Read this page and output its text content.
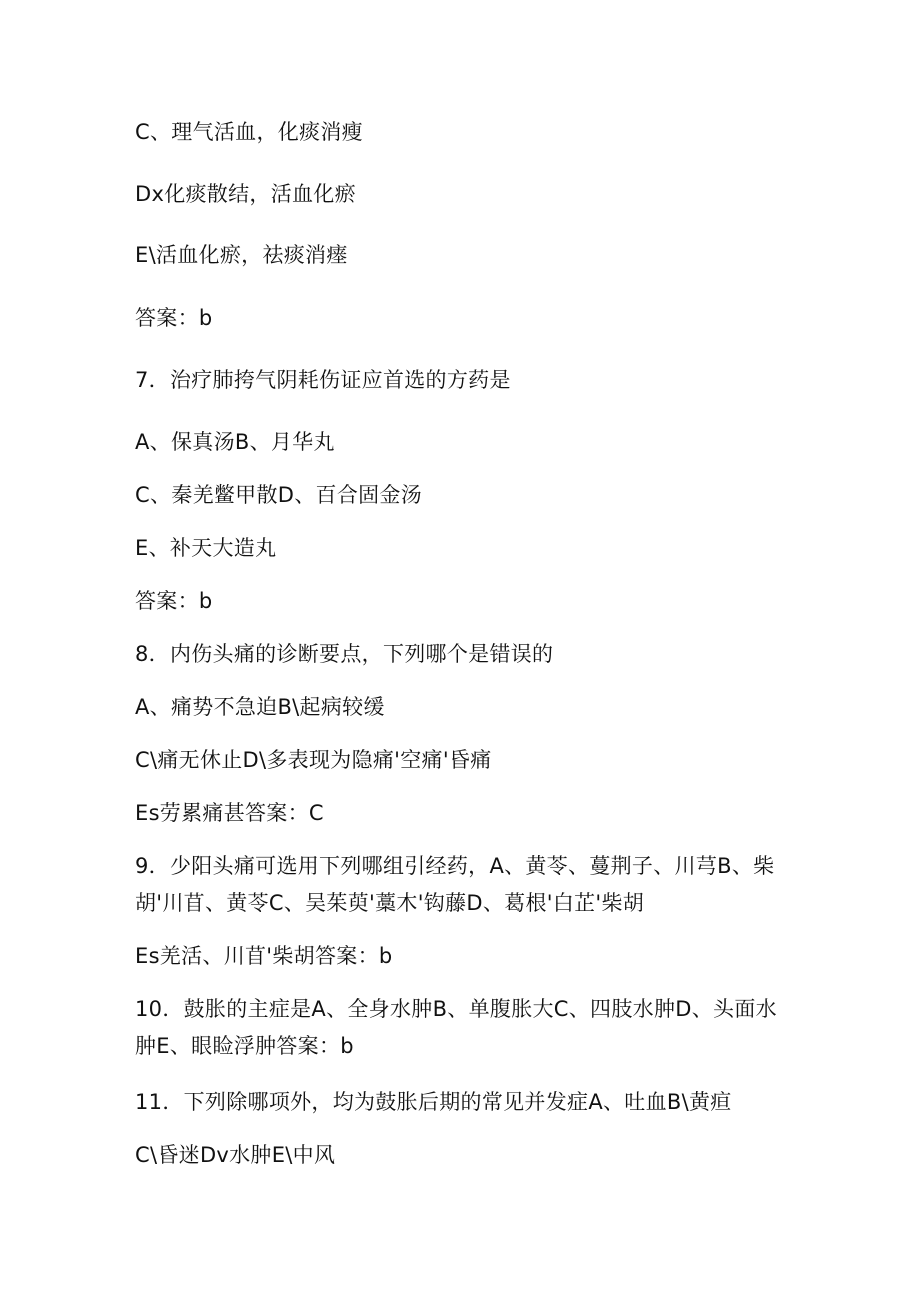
C、理气活血，化痰消瘦
Dx化痰散结，活血化瘀
E\活血化瘀，祛痰消瘗
答案：b
7．治疗肺挎气阴耗伤证应首选的方药是
A、保真汤B、月华丸
C、秦羌鳖甲散D、百合固金汤
E、补天大造丸
答案：b
8．内伤头痛的诊断要点，下列哪个是错误的
A、痛势不急迫B\起病较缓
C\痛无休止D\多表现为隐痛'空痛'昏痛
Es劳累痛甚答案：C
9．少阳头痛可选用下列哪组引经药，A、黄苓、蔓荆子、川芎B、柴胡'川苜、黄苓C、吴茱萸'藁木'钩藤D、葛根'白芷'柴胡
Es羌活、川苜'柴胡答案：b
10．鼓胀的主症是A、全身水肿B、单腹胀大C、四肢水肿D、头面水肿E、眼睑浮肿答案：b
11．下列除哪项外，均为鼓胀后期的常见并发症A、吐血B\黄疸
C\昏迷Dv水肿E\中风
